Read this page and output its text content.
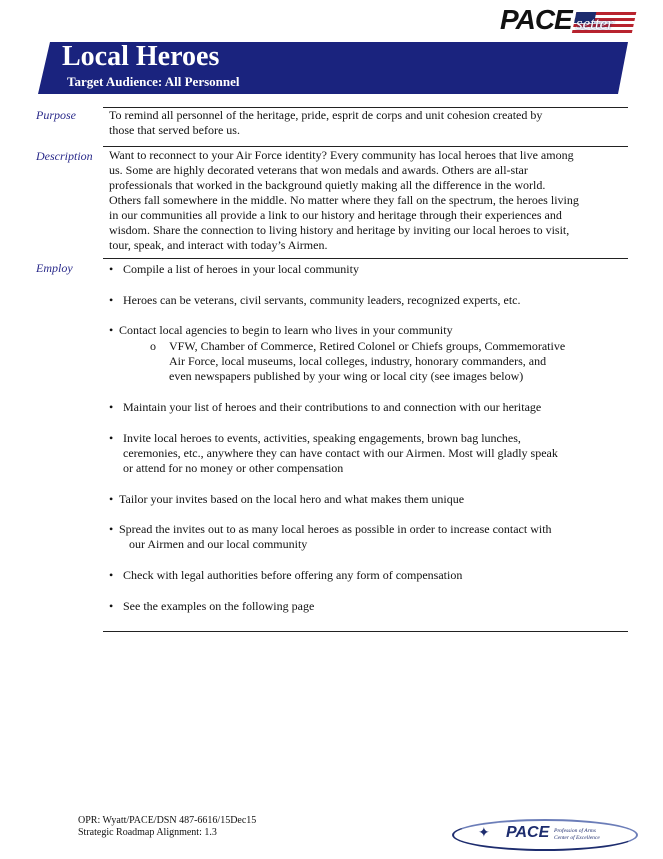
PACE setter
Local Heroes
Target Audience: All Personnel
Purpose	To remind all personnel of the heritage, pride, esprit de corps and unit cohesion created by
those that served before us.
Description	Want to reconnect to your Air Force identity? Every community has local heroes that live among
us. Some are highly decorated veterans that won medals and awards. Others are all-star
professionals that worked in the background quietly making all the difference in the world.
Others fall somewhere in the middle. No matter where they fall on the spectrum, the heroes living
in our communities all provide a link to our history and heritage through their experiences and
wisdom. Share the connection to living history and heritage by inviting our local heroes to visit,
tour, speak, and interact with today’s Airmen.
Employ	• Compile a list of heroes in your local community
• Heroes can be veterans, civil servants, community leaders, recognized experts, etc.
• Contact local agencies to begin to learn who lives in your community
o VFW, Chamber of Commerce, Retired Colonel or Chiefs groups, Commemorative
Air Force, local museums, local colleges, industry, honorary commanders, and
even newspapers published by your wing or local city (see images below)
• Maintain your list of heroes and their contributions to and connection with our heritage
• Invite local heroes to events, activities, speaking engagements, brown bag lunches,
ceremonies, etc., anywhere they can have contact with our Airmen. Most will gladly speak
or attend for no money or other compensation
• Tailor your invites based on the local hero and what makes them unique
• Spread the invites out to as many local heroes as possible in order to increase contact with
our Airmen and our local community
• Check with legal authorities before offering any form of compensation
• See the examples on the following page
OPR: Wyatt/PACE/DSN 487-6616/15Dec15
Strategic Roadmap Alignment: 1.3	✦	PACE Profession of Arms
Center of Excellence
